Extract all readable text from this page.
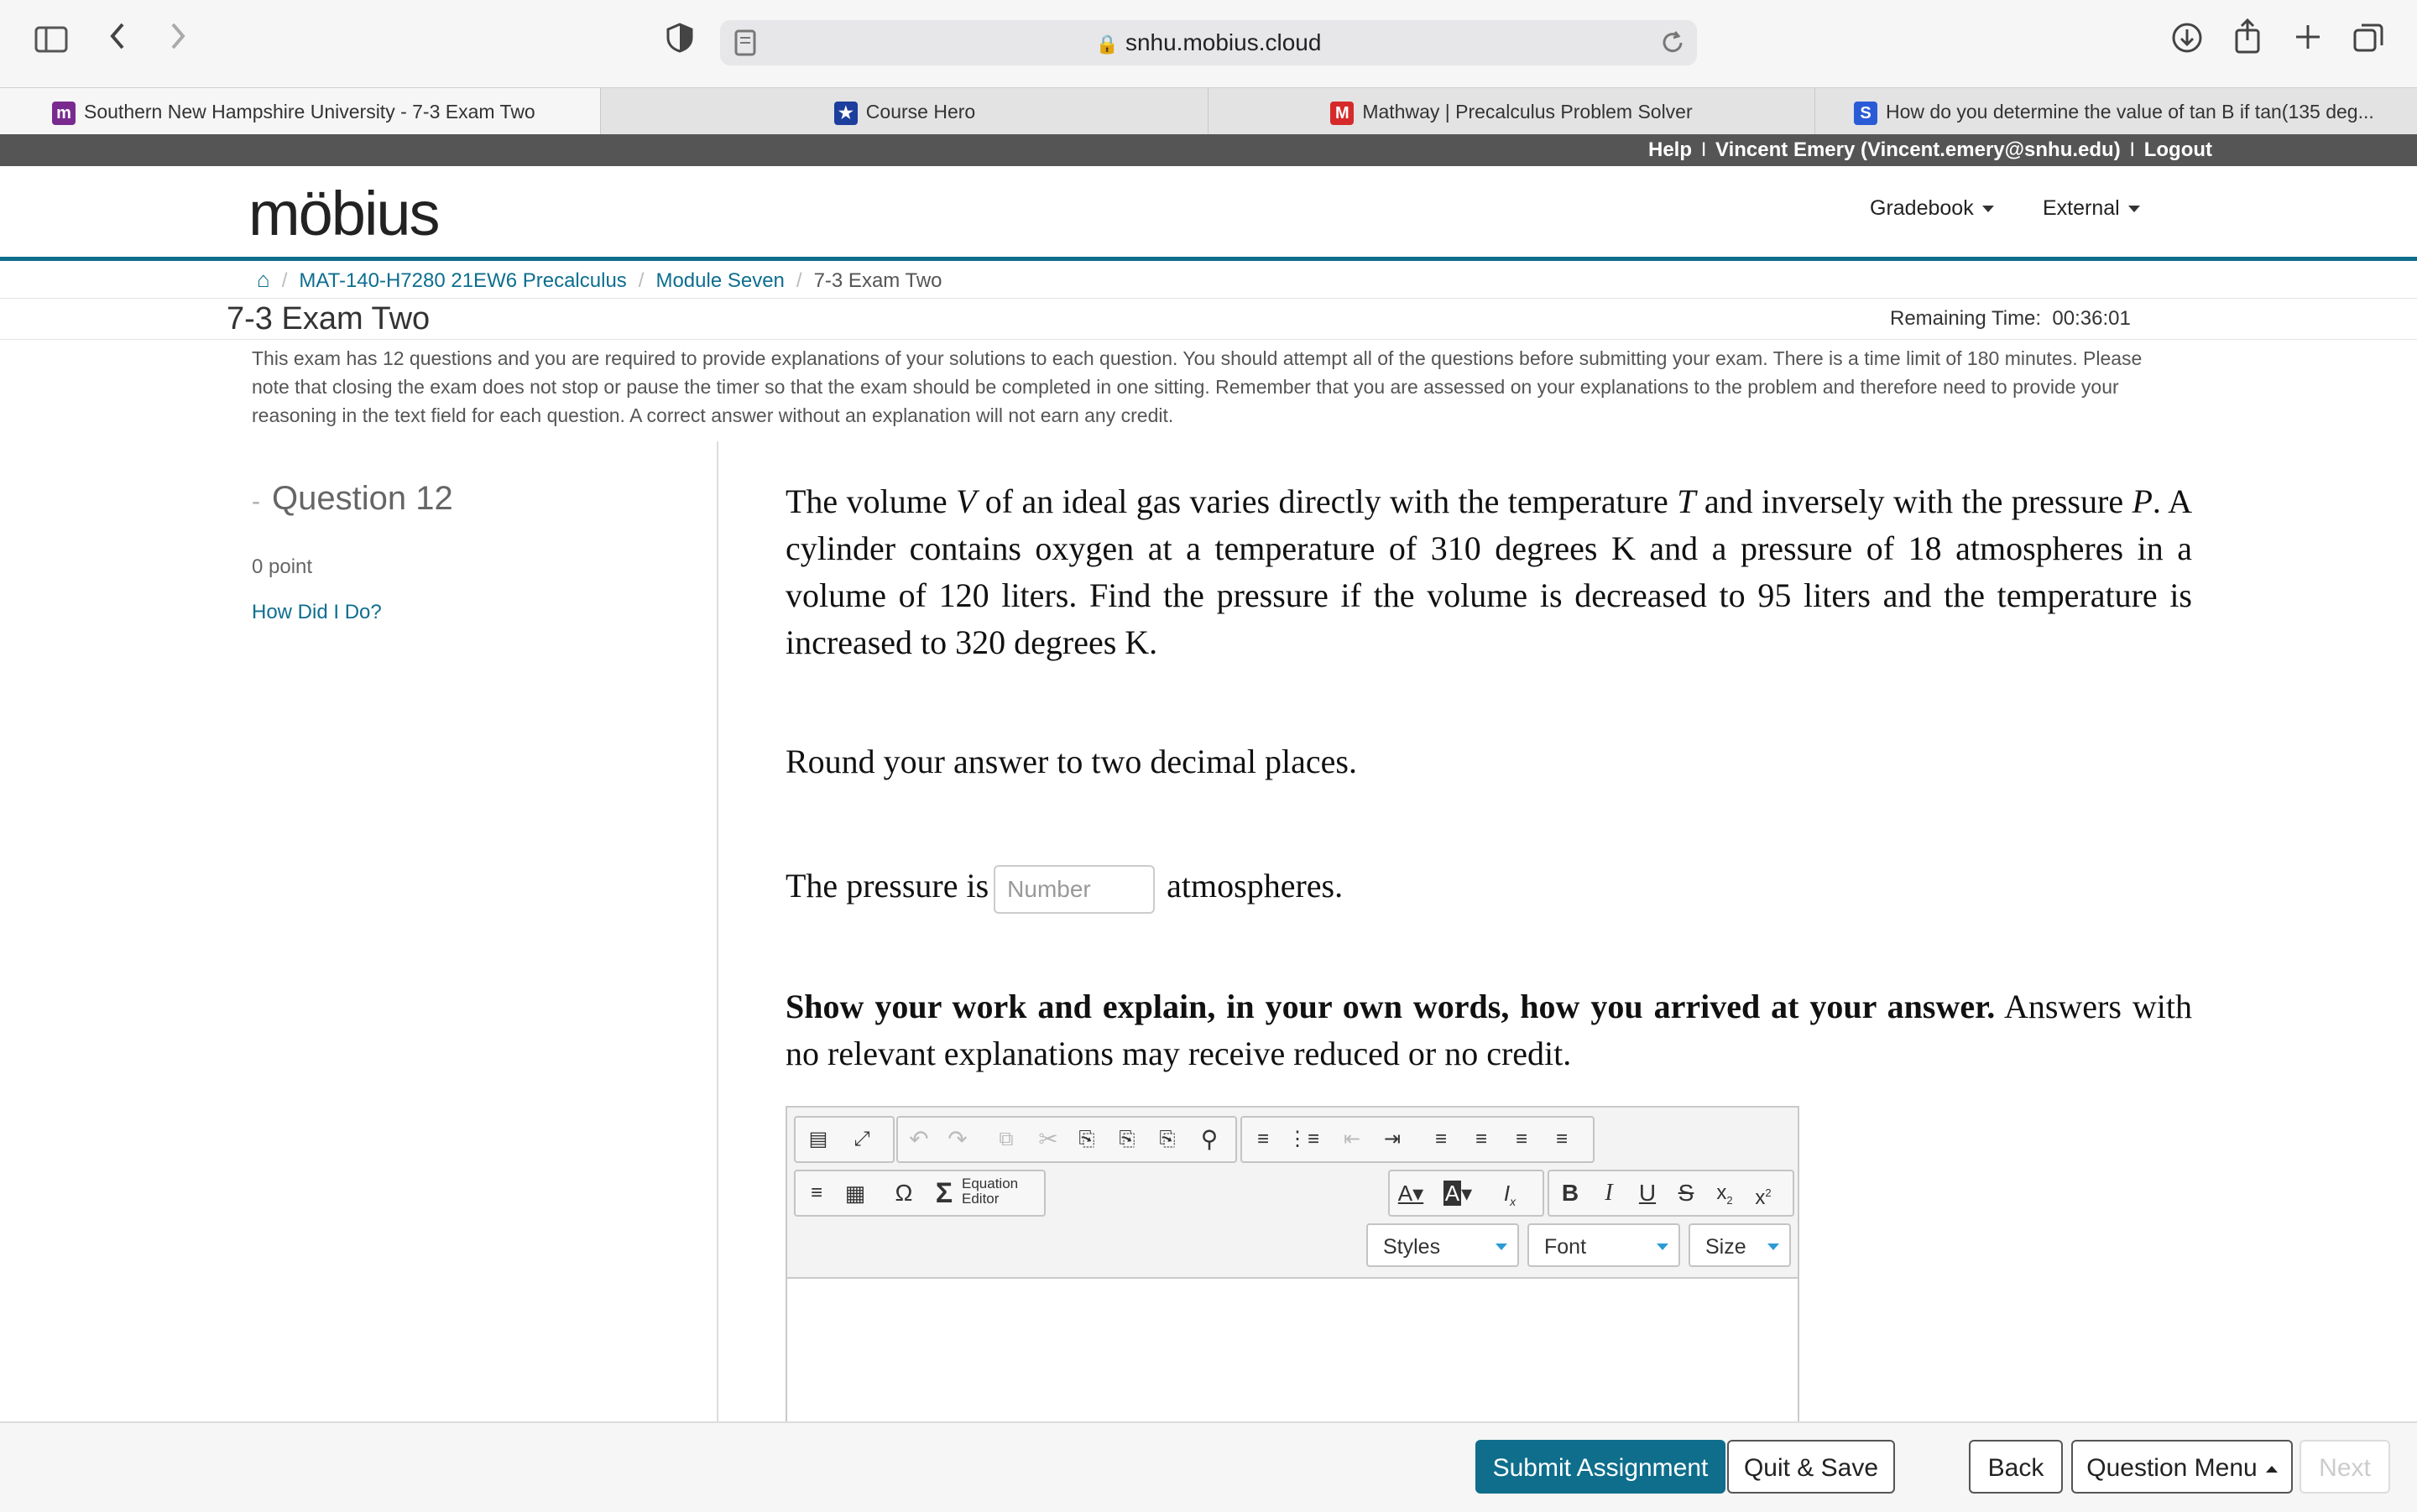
🔒 snhu.mobius.cloud
m Southern New Hampshire University - 7-3 Exam Two	★ Course Hero	M Mathway | Precalculus Problem Solver	S How do you determine the value of tan B if tan(135 deg...
Help I Vincent Emery (Vincent.emery@snhu.edu) I Logout
möbius	Gradebook	External
⌂ / MAT-140-H7280 21EW6 Precalculus / Module Seven / 7-3 Exam Two
7-3 Exam Two	Remaining Time: 00:36:01
This exam has 12 questions and you are required to provide explanations of your solutions to each question. You should attempt all of the questions before submitting your exam. There is a time limit of 180 minutes. Please note that closing the exam does not stop or pause the timer so that the exam should be completed in one sitting. Remember that you are assessed on your explanations to the problem and therefore need to provide your reasoning in the text field for each question. A correct answer without an explanation will not earn any credit.
- Question 12
0 point
How Did I Do?
The volume V of an ideal gas varies directly with the temperature T and inversely with the pressure P. A cylinder contains oxygen at a temperature of 310 degrees K and a pressure of 18 atmospheres in a volume of 120 liters. Find the pressure if the volume is decreased to 95 liters and the temperature is increased to 320 degrees K.
Round your answer to two decimal places.
The pressure is Number atmospheres.
Show your work and explain, in your own words, how you arrived at your answer. Answers with no relevant explanations may receive reduced or no credit.
▤	⤢	↶ ↷	⧉	✂	⎘	⎘	⎘	⚲	≡ ⋮≡	⇤	⇥	≡	≡	≡	≡
≡	▦	Ω Σ Equation
Editor	A▾ A▾	$I_x$	B	I	U S	$x_2$	$x^2$
Styles	Font	Size
Submit Assignment	Quit & Save	Back	Question Menu	Next
